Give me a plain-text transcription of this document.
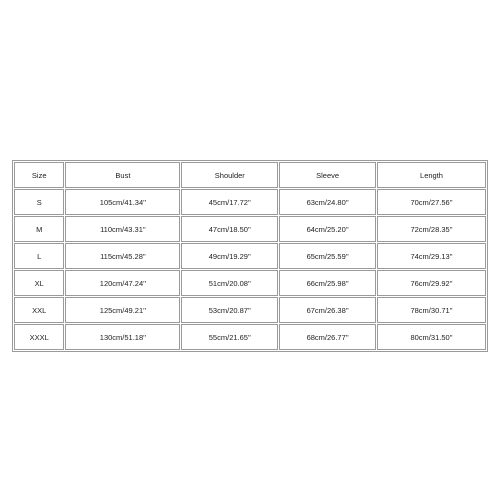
Size	Bust	Shoulder	Sleeve	Length
S	105cm/41.34''	45cm/17.72''	63cm/24.80''	70cm/27.56''
M	110cm/43.31''	47cm/18.50''	64cm/25.20''	72cm/28.35''
L	115cm/45.28''	49cm/19.29''	65cm/25.59''	74cm/29.13''
XL	120cm/47.24''	51cm/20.08''	66cm/25.98''	76cm/29.92''
XXL	125cm/49.21''	53cm/20.87''	67cm/26.38''	78cm/30.71''
XXXL	130cm/51.18''	55cm/21.65''	68cm/26.77''	80cm/31.50''
